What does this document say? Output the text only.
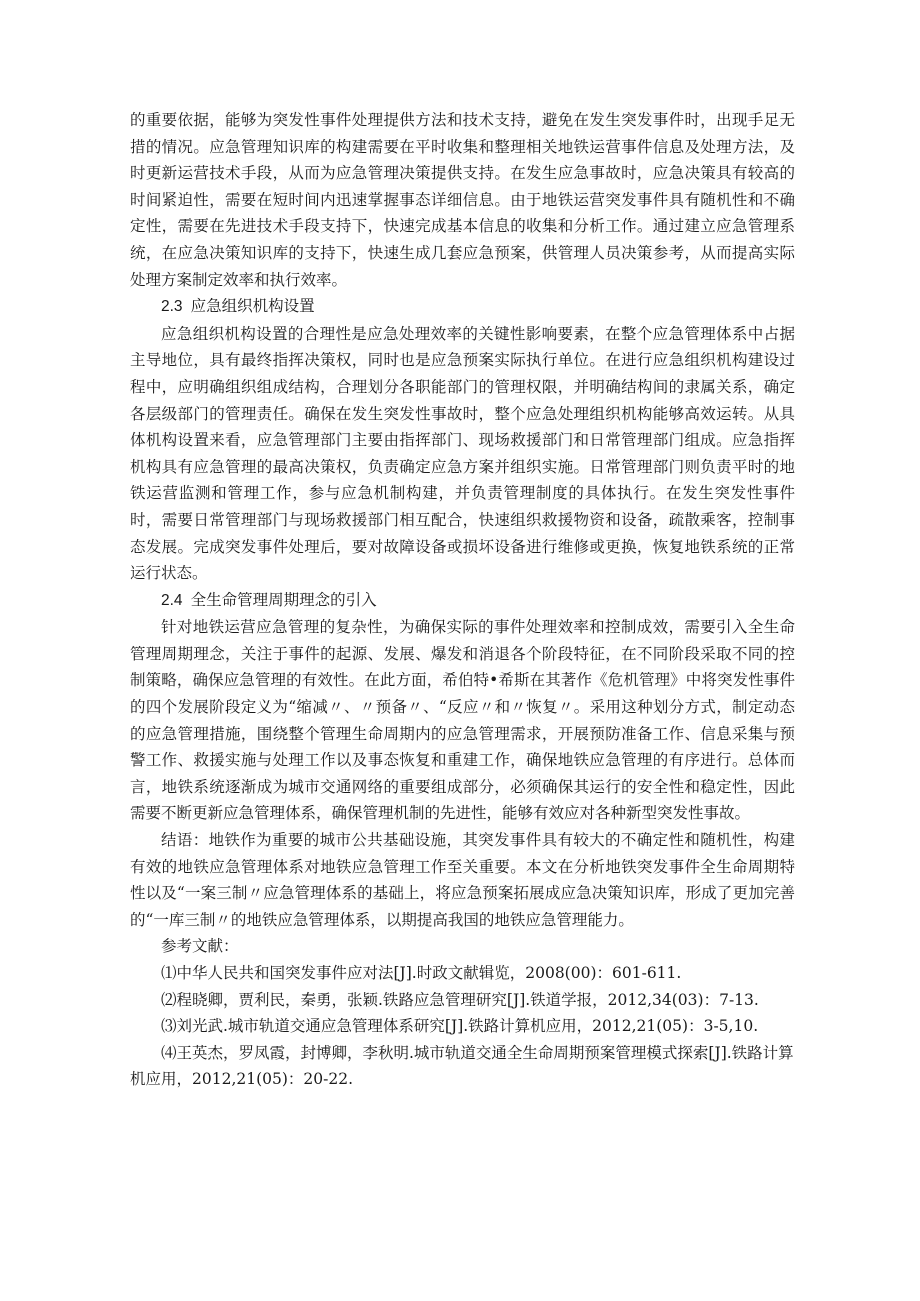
的重要依据，能够为突发性事件处理提供方法和技术支持，避免在发生突发事件时，出现手足无措的情况。应急管理知识库的构建需要在平时收集和整理相关地铁运营事件信息及处理方法，及时更新运营技术手段，从而为应急管理决策提供支持。在发生应急事故时，应急决策具有较高的时间紧迫性，需要在短时间内迅速掌握事态详细信息。由于地铁运营突发事件具有随机性和不确定性，需要在先进技术手段支持下，快速完成基本信息的收集和分析工作。通过建立应急管理系统，在应急决策知识库的支持下，快速生成几套应急预案，供管理人员决策参考，从而提高实际处理方案制定效率和执行效率。

2.3 应急组织机构设置

应急组织机构设置的合理性是应急处理效率的关键性影响要素，在整个应急管理体系中占据主导地位，具有最终指挥决策权，同时也是应急预案实际执行单位。在进行应急组织机构建设过程中，应明确组织组成结构，合理划分各职能部门的管理权限，并明确结构间的隶属关系，确定各层级部门的管理责任。确保在发生突发性事故时，整个应急处理组织机构能够高效运转。从具体机构设置来看，应急管理部门主要由指挥部门、现场救援部门和日常管理部门组成。应急指挥机构具有应急管理的最高决策权，负责确定应急方案并组织实施。日常管理部门则负责平时的地铁运营监测和管理工作，参与应急机制构建，并负责管理制度的具体执行。在发生突发性事件时，需要日常管理部门与现场救援部门相互配合，快速组织救援物资和设备，疏散乘客，控制事态发展。完成突发事件处理后，要对故障设备或损坏设备进行维修或更换，恢复地铁系统的正常运行状态。

2.4 全生命管理周期理念的引入

针对地铁运营应急管理的复杂性，为确保实际的事件处理效率和控制成效，需要引入全生命管理周期理念，关注于事件的起源、发展、爆发和消退各个阶段特征，在不同阶段采取不同的控制策略，确保应急管理的有效性。在此方面，希伯特•希斯在其著作《危机管理》中将突发性事件的四个发展阶段定义为“缩减〃、〃预备〃、“反应〃和〃恢复〃。采用这种划分方式，制定动态的应急管理措施，围绕整个管理生命周期内的应急管理需求，开展预防准备工作、信息采集与预警工作、救援实施与处理工作以及事态恢复和重建工作，确保地铁应急管理的有序进行。总体而言，地铁系统逐渐成为城市交通网络的重要组成部分，必须确保其运行的安全性和稳定性，因此需要不断更新应急管理体系，确保管理机制的先进性，能够有效应对各种新型突发性事故。

结语：地铁作为重要的城市公共基础设施，其突发事件具有较大的不确定性和随机性，构建有效的地铁应急管理体系对地铁应急管理工作至关重要。本文在分析地铁突发事件全生命周期特性以及“一案三制〃应急管理体系的基础上，将应急预案拓展成应急决策知识库，形成了更加完善的“一库三制〃的地铁应急管理体系，以期提高我国的地铁应急管理能力。

参考文献：

⑴中华人民共和国突发事件应对法[J].时政文献辑览，2008(00)：601-611.

⑵程晓卿，贾利民，秦勇，张颖.铁路应急管理研究[J].铁道学报，2012,34(03)：7-13.

⑶刘光武.城市轨道交通应急管理体系研究[J].铁路计算机应用，2012,21(05)：3-5,10.

⑷王英杰，罗凤霞，封博卿，李秋明.城市轨道交通全生命周期预案管理模式探索[J].铁路计算机应用，2012,21(05)：20-22.
